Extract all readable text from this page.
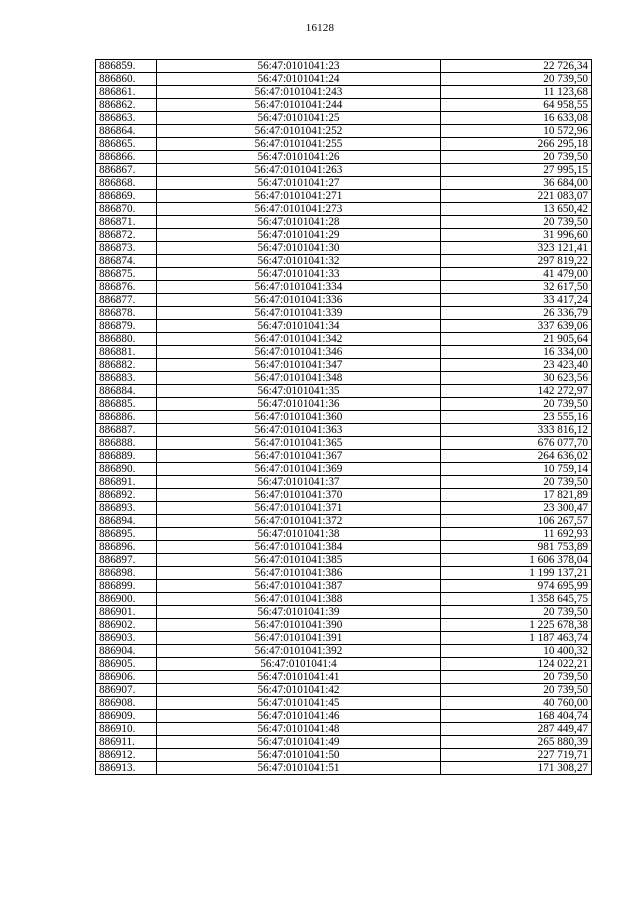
16128
886859.	56:47:0101041:23	22 726,34
886860.	56:47:0101041:24	20 739,50
886861.	56:47:0101041:243	11 123,68
886862.	56:47:0101041:244	64 958,55
886863.	56:47:0101041:25	16 633,08
886864.	56:47:0101041:252	10 572,96
886865.	56:47:0101041:255	266 295,18
886866.	56:47:0101041:26	20 739,50
886867.	56:47:0101041:263	27 995,15
886868.	56:47:0101041:27	36 684,00
886869.	56:47:0101041:271	221 083,07
886870.	56:47:0101041:273	13 650,42
886871.	56:47:0101041:28	20 739,50
886872.	56:47:0101041:29	31 996,60
886873.	56:47:0101041:30	323 121,41
886874.	56:47:0101041:32	297 819,22
886875.	56:47:0101041:33	41 479,00
886876.	56:47:0101041:334	32 617,50
886877.	56:47:0101041:336	33 417,24
886878.	56:47:0101041:339	26 336,79
886879.	56:47:0101041:34	337 639,06
886880.	56:47:0101041:342	21 905,64
886881.	56:47:0101041:346	16 334,00
886882.	56:47:0101041:347	23 423,40
886883.	56:47:0101041:348	30 623,56
886884.	56:47:0101041:35	142 272,97
886885.	56:47:0101041:36	20 739,50
886886.	56:47:0101041:360	23 555,16
886887.	56:47:0101041:363	333 816,12
886888.	56:47:0101041:365	676 077,70
886889.	56:47:0101041:367	264 636,02
886890.	56:47:0101041:369	10 759,14
886891.	56:47:0101041:37	20 739,50
886892.	56:47:0101041:370	17 821,89
886893.	56:47:0101041:371	23 300,47
886894.	56:47:0101041:372	106 267,57
886895.	56:47:0101041:38	11 692,93
886896.	56:47:0101041:384	981 753,89
886897.	56:47:0101041:385	1 606 378,04
886898.	56:47:0101041:386	1 199 137,21
886899.	56:47:0101041:387	974 695,99
886900.	56:47:0101041:388	1 358 645,75
886901.	56:47:0101041:39	20 739,50
886902.	56:47:0101041:390	1 225 678,38
886903.	56:47:0101041:391	1 187 463,74
886904.	56:47:0101041:392	10 400,32
886905.	56:47:0101041:4	124 022,21
886906.	56:47:0101041:41	20 739,50
886907.	56:47:0101041:42	20 739,50
886908.	56:47:0101041:45	40 760,00
886909.	56:47:0101041:46	168 404,74
886910.	56:47:0101041:48	287 449,47
886911.	56:47:0101041:49	265 880,39
886912.	56:47:0101041:50	227 719,71
886913.	56:47:0101041:51	171 308,27
